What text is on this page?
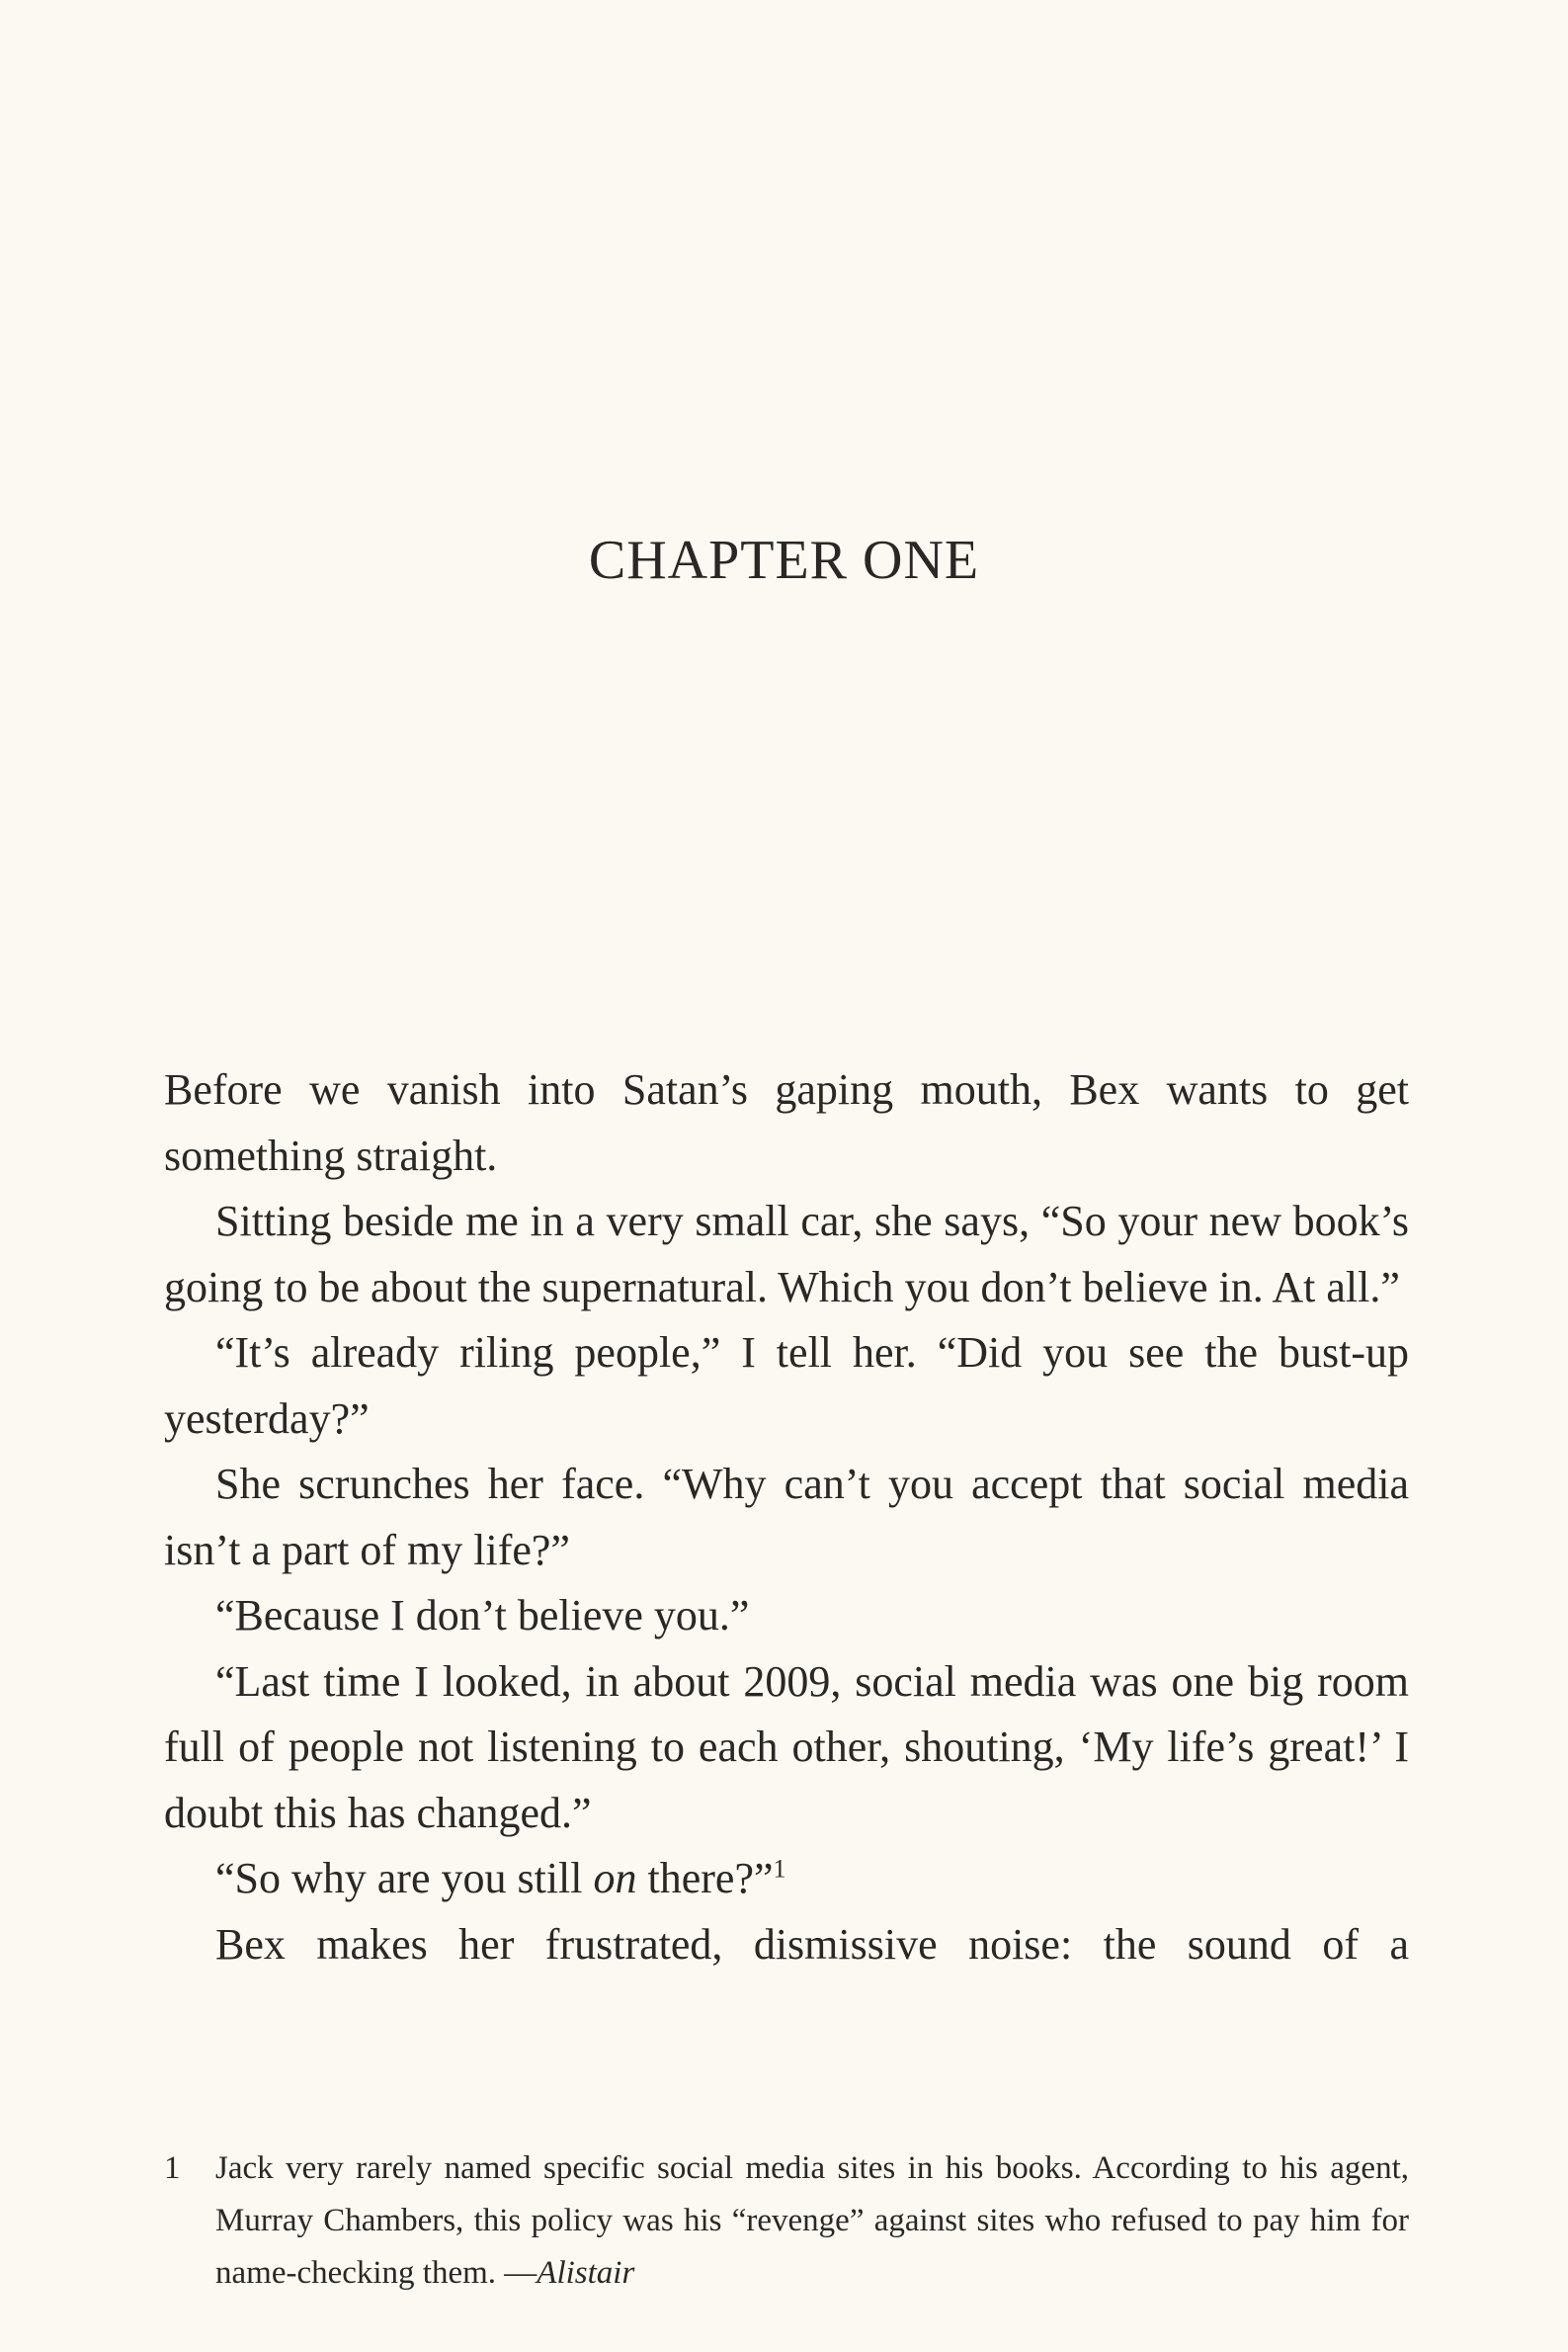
CHAPTER ONE

Before we vanish into Satan’s gaping mouth, Bex wants to get something straight.

Sitting beside me in a very small car, she says, “So your new book’s going to be about the supernatural. Which you don’t believe in. At all.”

“It’s already riling people,” I tell her. “Did you see the bust-up yesterday?”

She scrunches her face. “Why can’t you accept that social media isn’t a part of my life?”

“Because I don’t believe you.”

“Last time I looked, in about 2009, social media was one big room full of people not listening to each other, shouting, ‘My life’s great!’ I doubt this has changed.”

“So why are you still on there?”$^1$

Bex makes her frustrated, dismissive noise: the sound of a

1 Jack very rarely named specific social media sites in his books. According to his agent, Murray Chambers, this policy was his “revenge” against sites who refused to pay him for name-checking them. —Alistair
